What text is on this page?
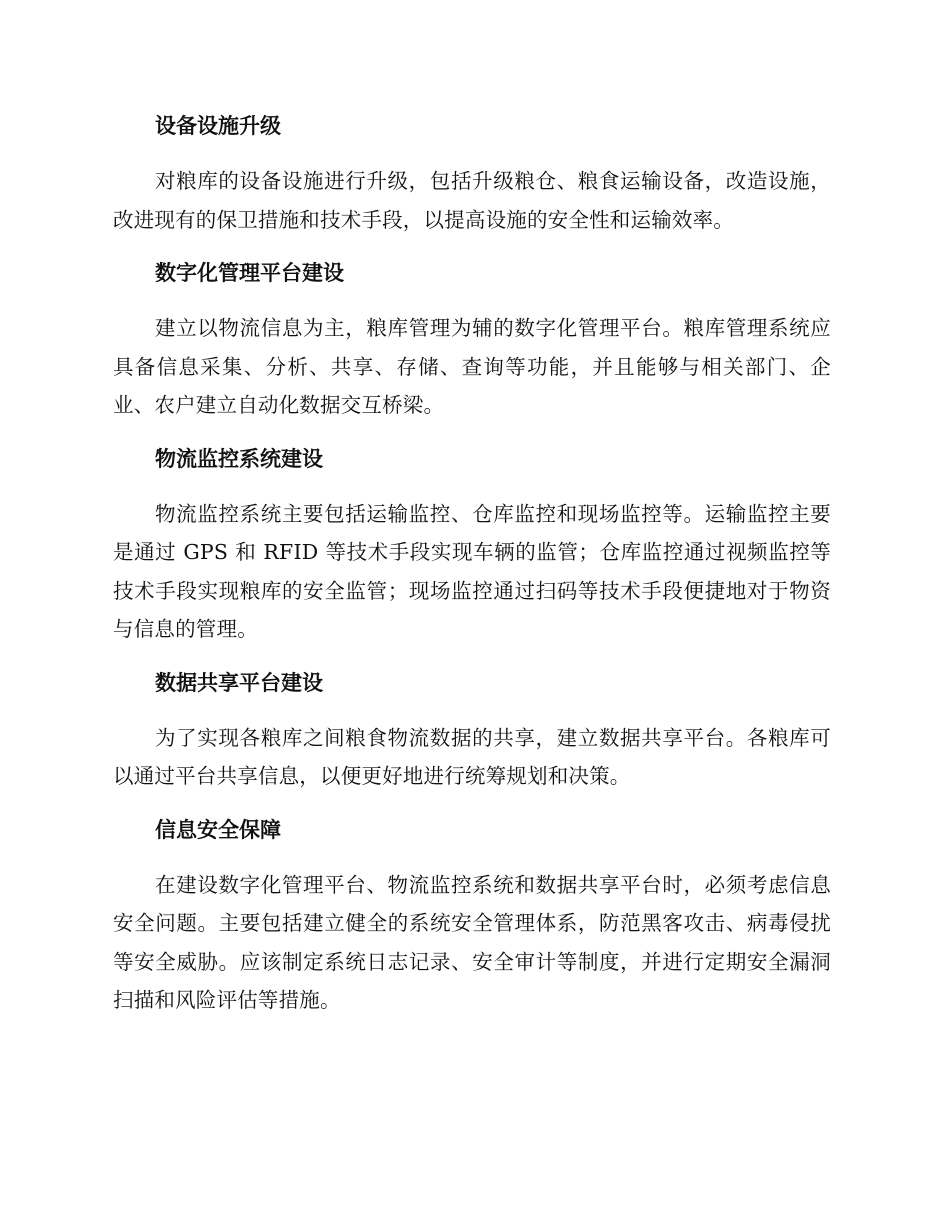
设备设施升级

对粮库的设备设施进行升级，包括升级粮仓、粮食运输设备，改造设施，改进现有的保卫措施和技术手段，以提高设施的安全性和运输效率。

数字化管理平台建设

建立以物流信息为主，粮库管理为辅的数字化管理平台。粮库管理系统应具备信息采集、分析、共享、存储、查询等功能，并且能够与相关部门、企业、农户建立自动化数据交互桥梁。

物流监控系统建设

物流监控系统主要包括运输监控、仓库监控和现场监控等。运输监控主要是通过 GPS 和 RFID 等技术手段实现车辆的监管；仓库监控通过视频监控等技术手段实现粮库的安全监管；现场监控通过扫码等技术手段便捷地对于物资与信息的管理。

数据共享平台建设

为了实现各粮库之间粮食物流数据的共享，建立数据共享平台。各粮库可以通过平台共享信息，以便更好地进行统筹规划和决策。

信息安全保障

在建设数字化管理平台、物流监控系统和数据共享平台时，必须考虑信息安全问题。主要包括建立健全的系统安全管理体系，防范黑客攻击、病毒侵扰等安全威胁。应该制定系统日志记录、安全审计等制度，并进行定期安全漏洞扫描和风险评估等措施。
